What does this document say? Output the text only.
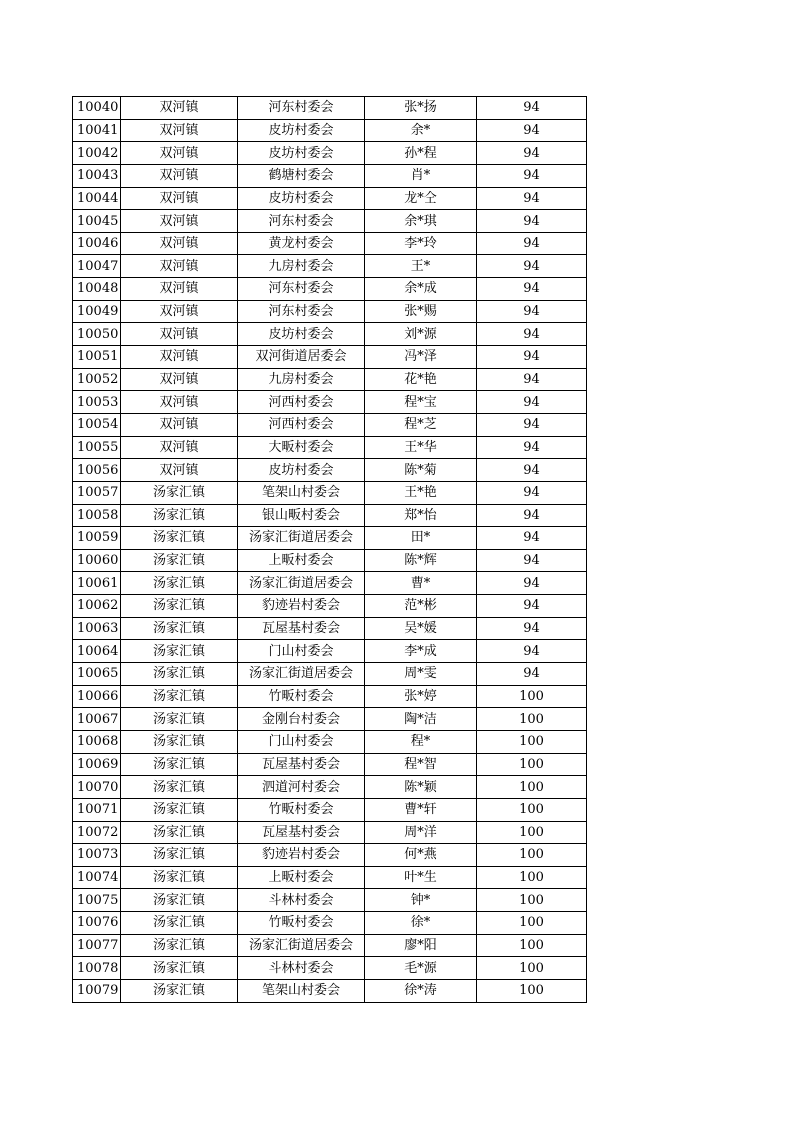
10040	双河镇	河东村委会	张*扬	94
10041	双河镇	皮坊村委会	余*	94
10042	双河镇	皮坊村委会	孙*程	94
10043	双河镇	鹤塘村委会	肖*	94
10044	双河镇	皮坊村委会	龙*仝	94
10045	双河镇	河东村委会	余*琪	94
10046	双河镇	黄龙村委会	李*玲	94
10047	双河镇	九房村委会	王*	94
10048	双河镇	河东村委会	余*成	94
10049	双河镇	河东村委会	张*赐	94
10050	双河镇	皮坊村委会	刘*源	94
10051	双河镇	双河街道居委会	冯*泽	94
10052	双河镇	九房村委会	花*艳	94
10053	双河镇	河西村委会	程*宝	94
10054	双河镇	河西村委会	程*芝	94
10055	双河镇	大畈村委会	王*华	94
10056	双河镇	皮坊村委会	陈*菊	94
10057	汤家汇镇	笔架山村委会	王*艳	94
10058	汤家汇镇	银山畈村委会	郑*怡	94
10059	汤家汇镇	汤家汇街道居委会	田*	94
10060	汤家汇镇	上畈村委会	陈*辉	94
10061	汤家汇镇	汤家汇街道居委会	曹*	94
10062	汤家汇镇	豹迹岩村委会	范*彬	94
10063	汤家汇镇	瓦屋基村委会	吴*媛	94
10064	汤家汇镇	门山村委会	李*成	94
10065	汤家汇镇	汤家汇街道居委会	周*雯	94
10066	汤家汇镇	竹畈村委会	张*婷	100
10067	汤家汇镇	金刚台村委会	陶*洁	100
10068	汤家汇镇	门山村委会	程*	100
10069	汤家汇镇	瓦屋基村委会	程*智	100
10070	汤家汇镇	泗道河村委会	陈*颖	100
10071	汤家汇镇	竹畈村委会	曹*轩	100
10072	汤家汇镇	瓦屋基村委会	周*洋	100
10073	汤家汇镇	豹迹岩村委会	何*燕	100
10074	汤家汇镇	上畈村委会	叶*生	100
10075	汤家汇镇	斗林村委会	钟*	100
10076	汤家汇镇	竹畈村委会	徐*	100
10077	汤家汇镇	汤家汇街道居委会	廖*阳	100
10078	汤家汇镇	斗林村委会	毛*源	100
10079	汤家汇镇	笔架山村委会	徐*涛	100
